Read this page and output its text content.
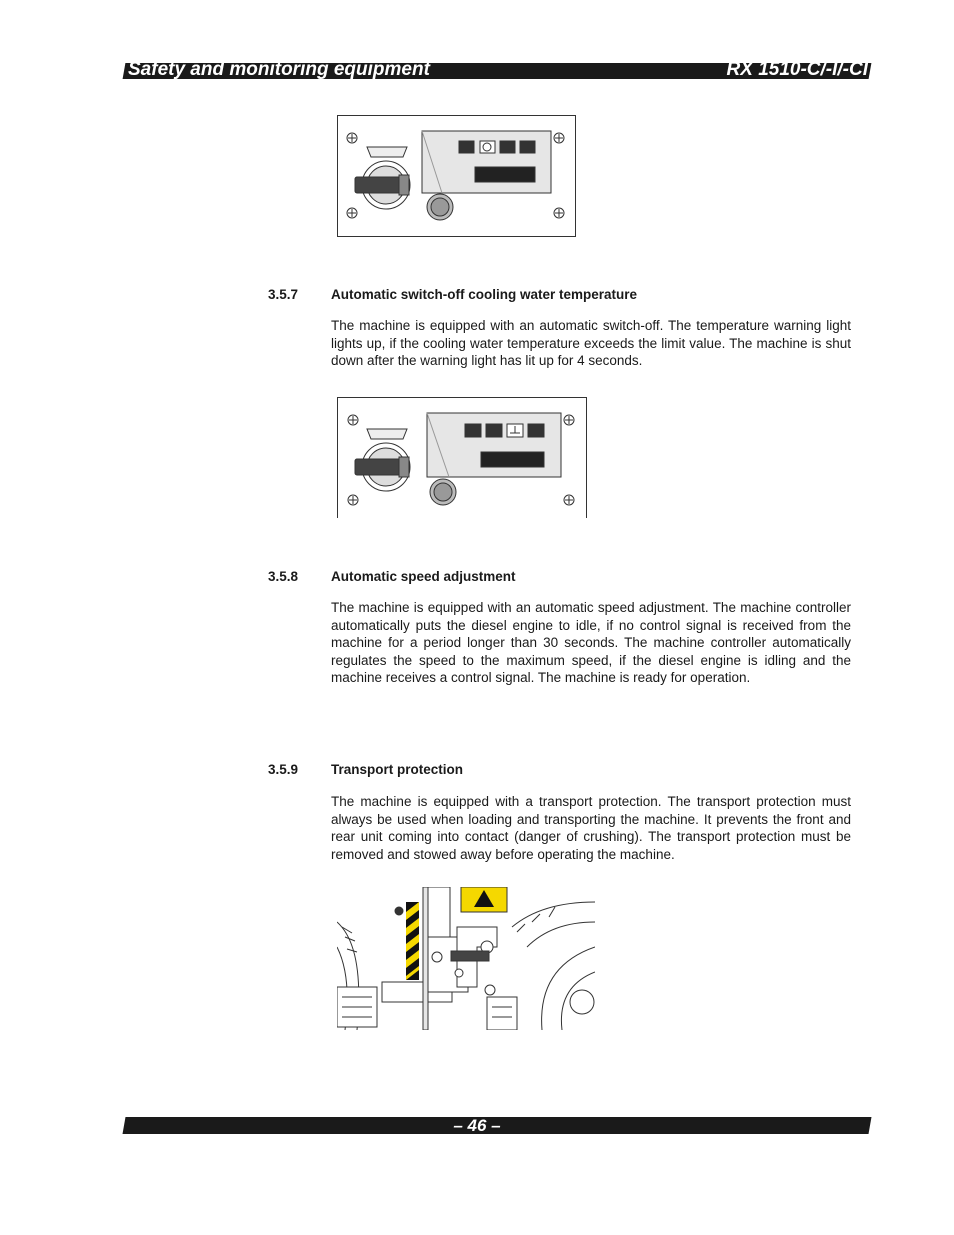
Safety and monitoring equipment	RX 1510-C/-I/-CI
3.5.7 Automatic switch-off cooling water temperature

The machine is equipped with an automatic switch-off. The temperature warning light lights up, if the cooling water temperature exceeds the limit value. The machine is shut down after the warning light has lit up for 4 seconds.

3.5.8 Automatic speed adjustment

The machine is equipped with an automatic speed adjustment. The machine controller automatically puts the diesel engine to idle, if no control signal is received from the machine for a period longer than 30 seconds. The machine controller automatically regulates the speed to the maximum speed, if the diesel engine is idling and the machine receives a control signal. The machine is ready for operation.

3.5.9 Transport protection

The machine is equipped with a transport protection. The transport protection must always be used when loading and transporting the machine. It prevents the front and rear unit coming into contact (danger of crushing). The transport protection must be removed and stowed away before operating the machine.

– 46 –
